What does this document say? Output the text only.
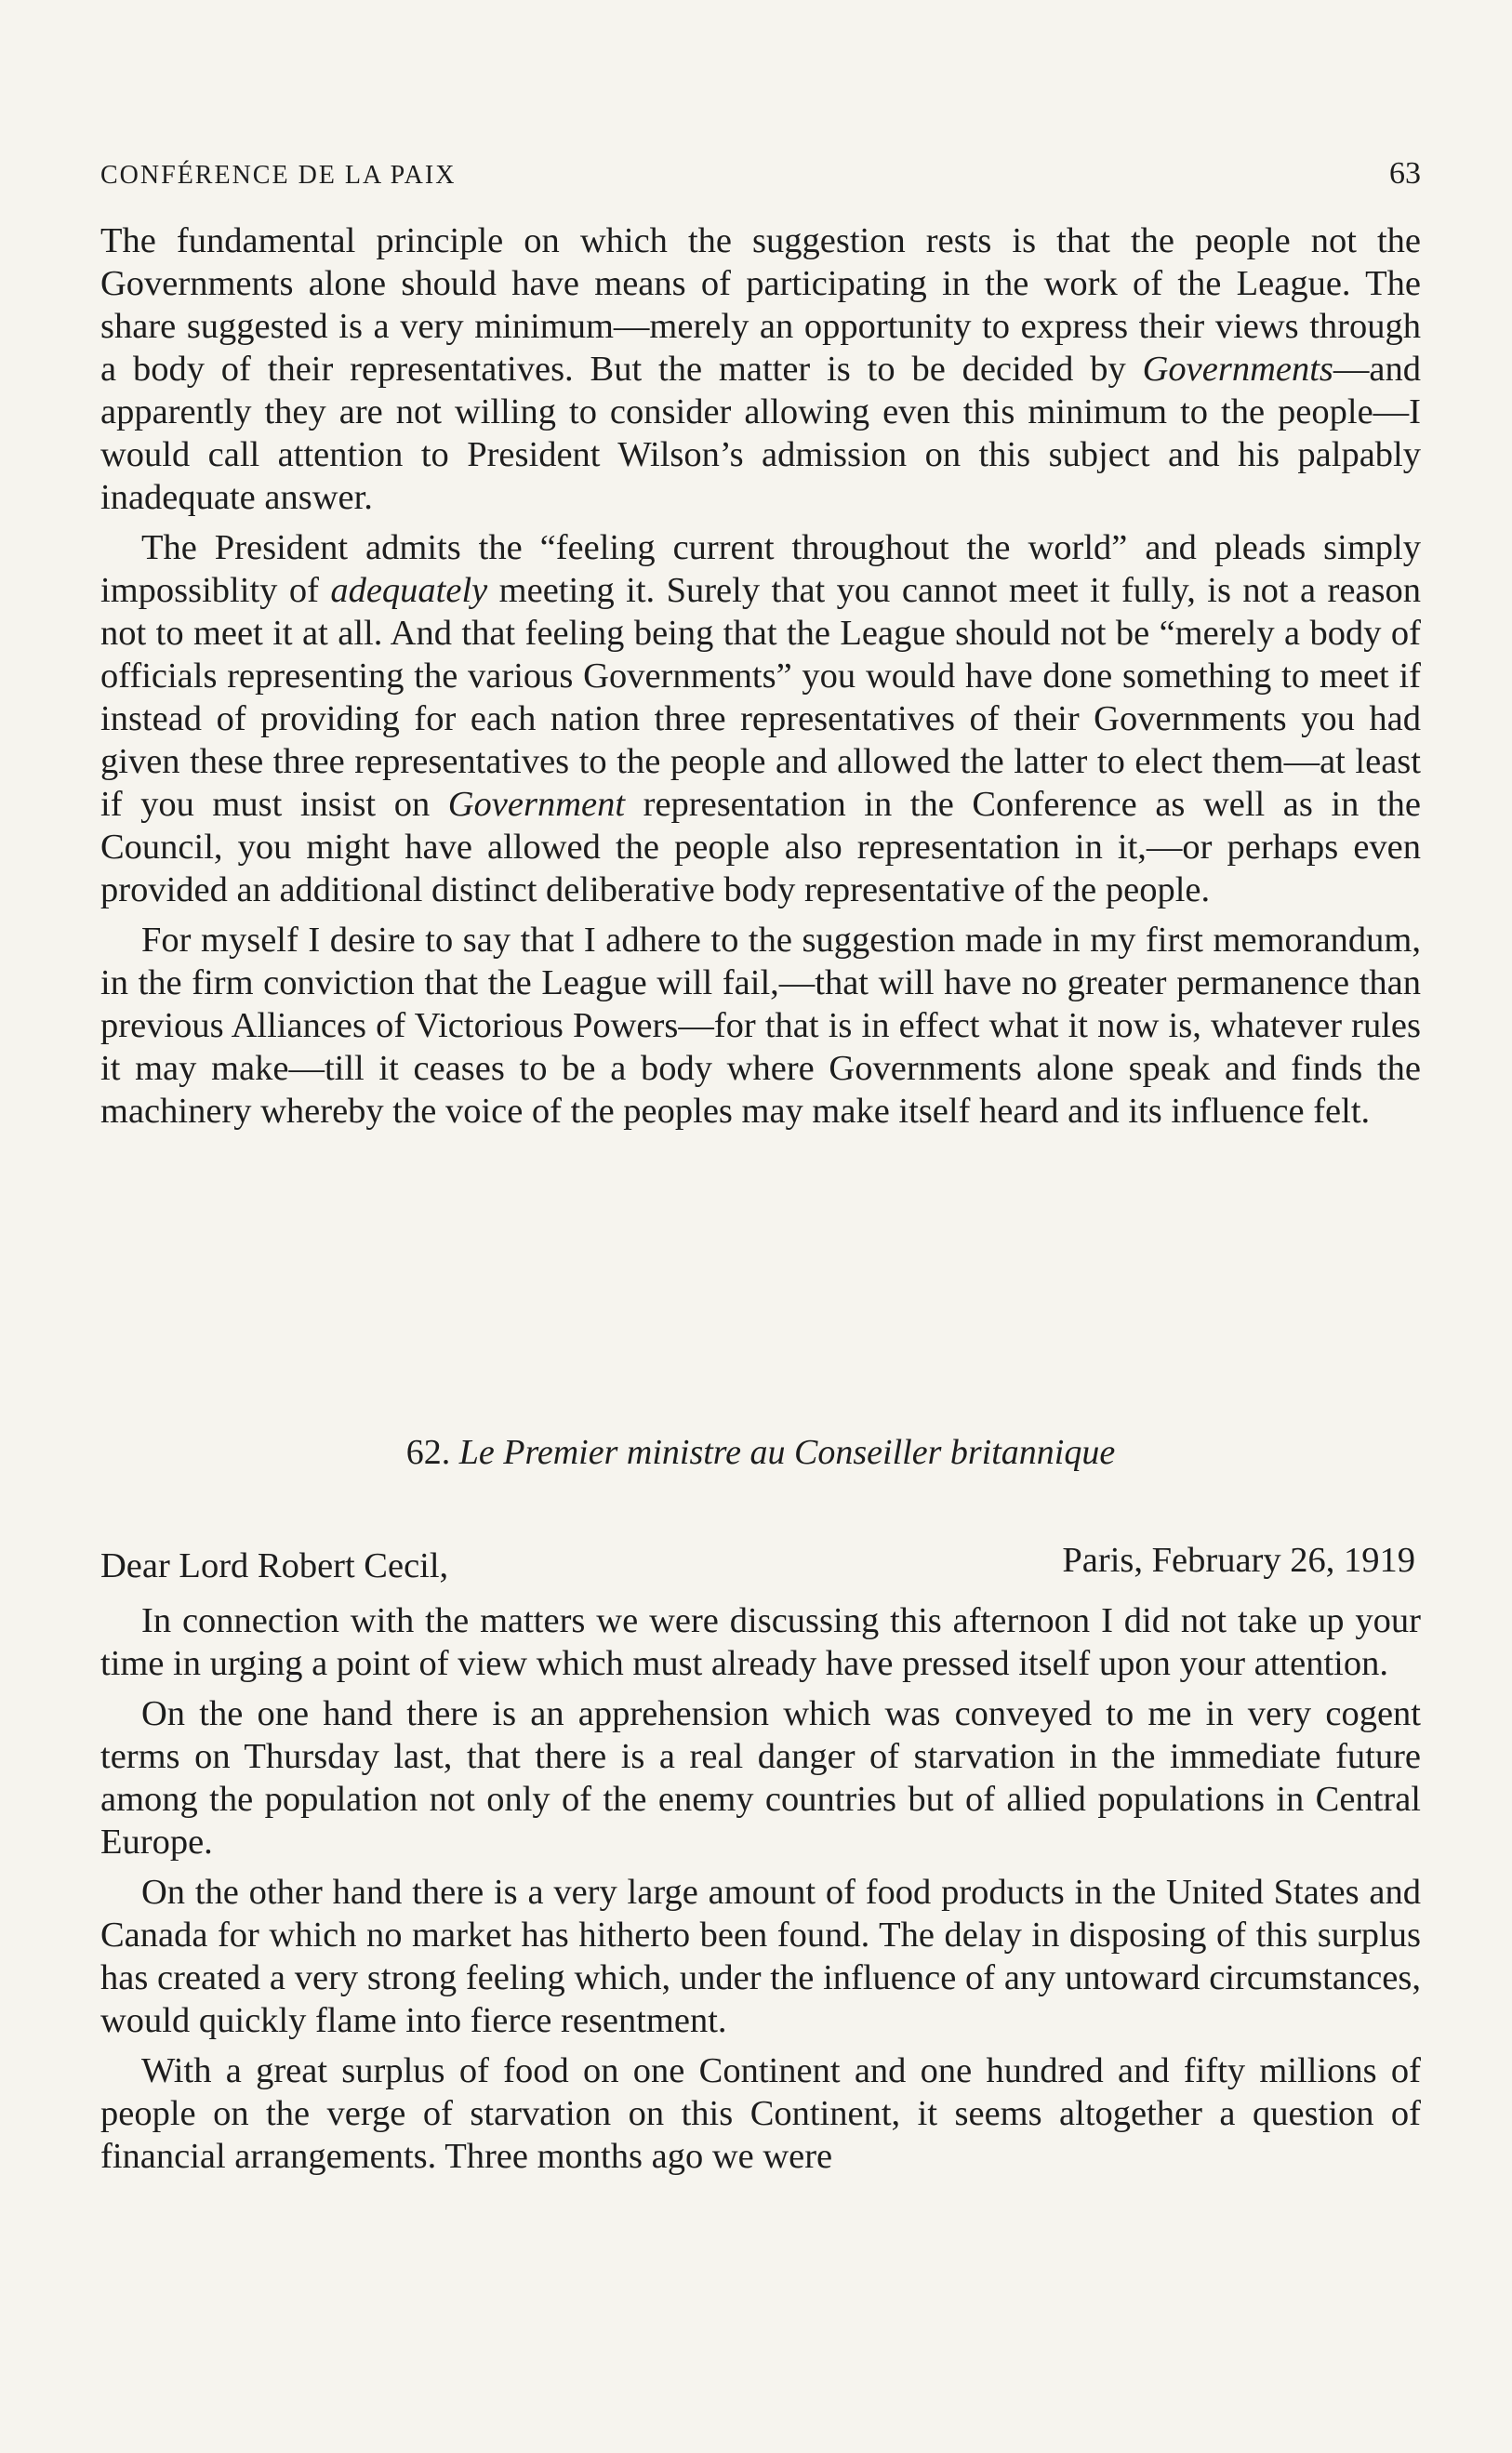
CONFÉRENCE DE LA PAIX	63

The fundamental principle on which the suggestion rests is that the people not the Governments alone should have means of participating in the work of the League. The share suggested is a very minimum—merely an opportunity to express their views through a body of their representatives. But the matter is to be decided by Governments—and apparently they are not willing to consider allowing even this minimum to the people—I would call attention to President Wilson’s admission on this subject and his palpably inadequate answer.

The President admits the “feeling current throughout the world” and pleads simply impossiblity of adequately meeting it. Surely that you cannot meet it fully, is not a reason not to meet it at all. And that feeling being that the League should not be “merely a body of officials representing the various Governments” you would have done something to meet if instead of providing for each nation three representatives of their Governments you had given these three representatives to the people and allowed the latter to elect them—at least if you must insist on Government representation in the Conference as well as in the Council, you might have allowed the people also representation in it,—or perhaps even provided an additional distinct deliberative body representative of the people.

For myself I desire to say that I adhere to the suggestion made in my first memorandum, in the firm conviction that the League will fail,—that will have no greater permanence than previous Alliances of Victorious Powers—for that is in effect what it now is, whatever rules it may make—till it ceases to be a body where Governments alone speak and finds the machinery whereby the voice of the peoples may make itself heard and its influence felt.

62. Le Premier ministre au Conseiller britannique
Dear Lord Robert Cecil,	Paris, February 26, 1919

In connection with the matters we were discussing this afternoon I did not take up your time in urging a point of view which must already have pressed itself upon your attention.

On the one hand there is an apprehension which was conveyed to me in very cogent terms on Thursday last, that there is a real danger of starvation in the immediate future among the population not only of the enemy countries but of allied populations in Central Europe.

On the other hand there is a very large amount of food products in the United States and Canada for which no market has hitherto been found. The delay in disposing of this surplus has created a very strong feeling which, under the influence of any untoward circumstances, would quickly flame into fierce resentment.

With a great surplus of food on one Continent and one hundred and fifty millions of people on the verge of starvation on this Continent, it seems altogether a question of financial arrangements. Three months ago we were
